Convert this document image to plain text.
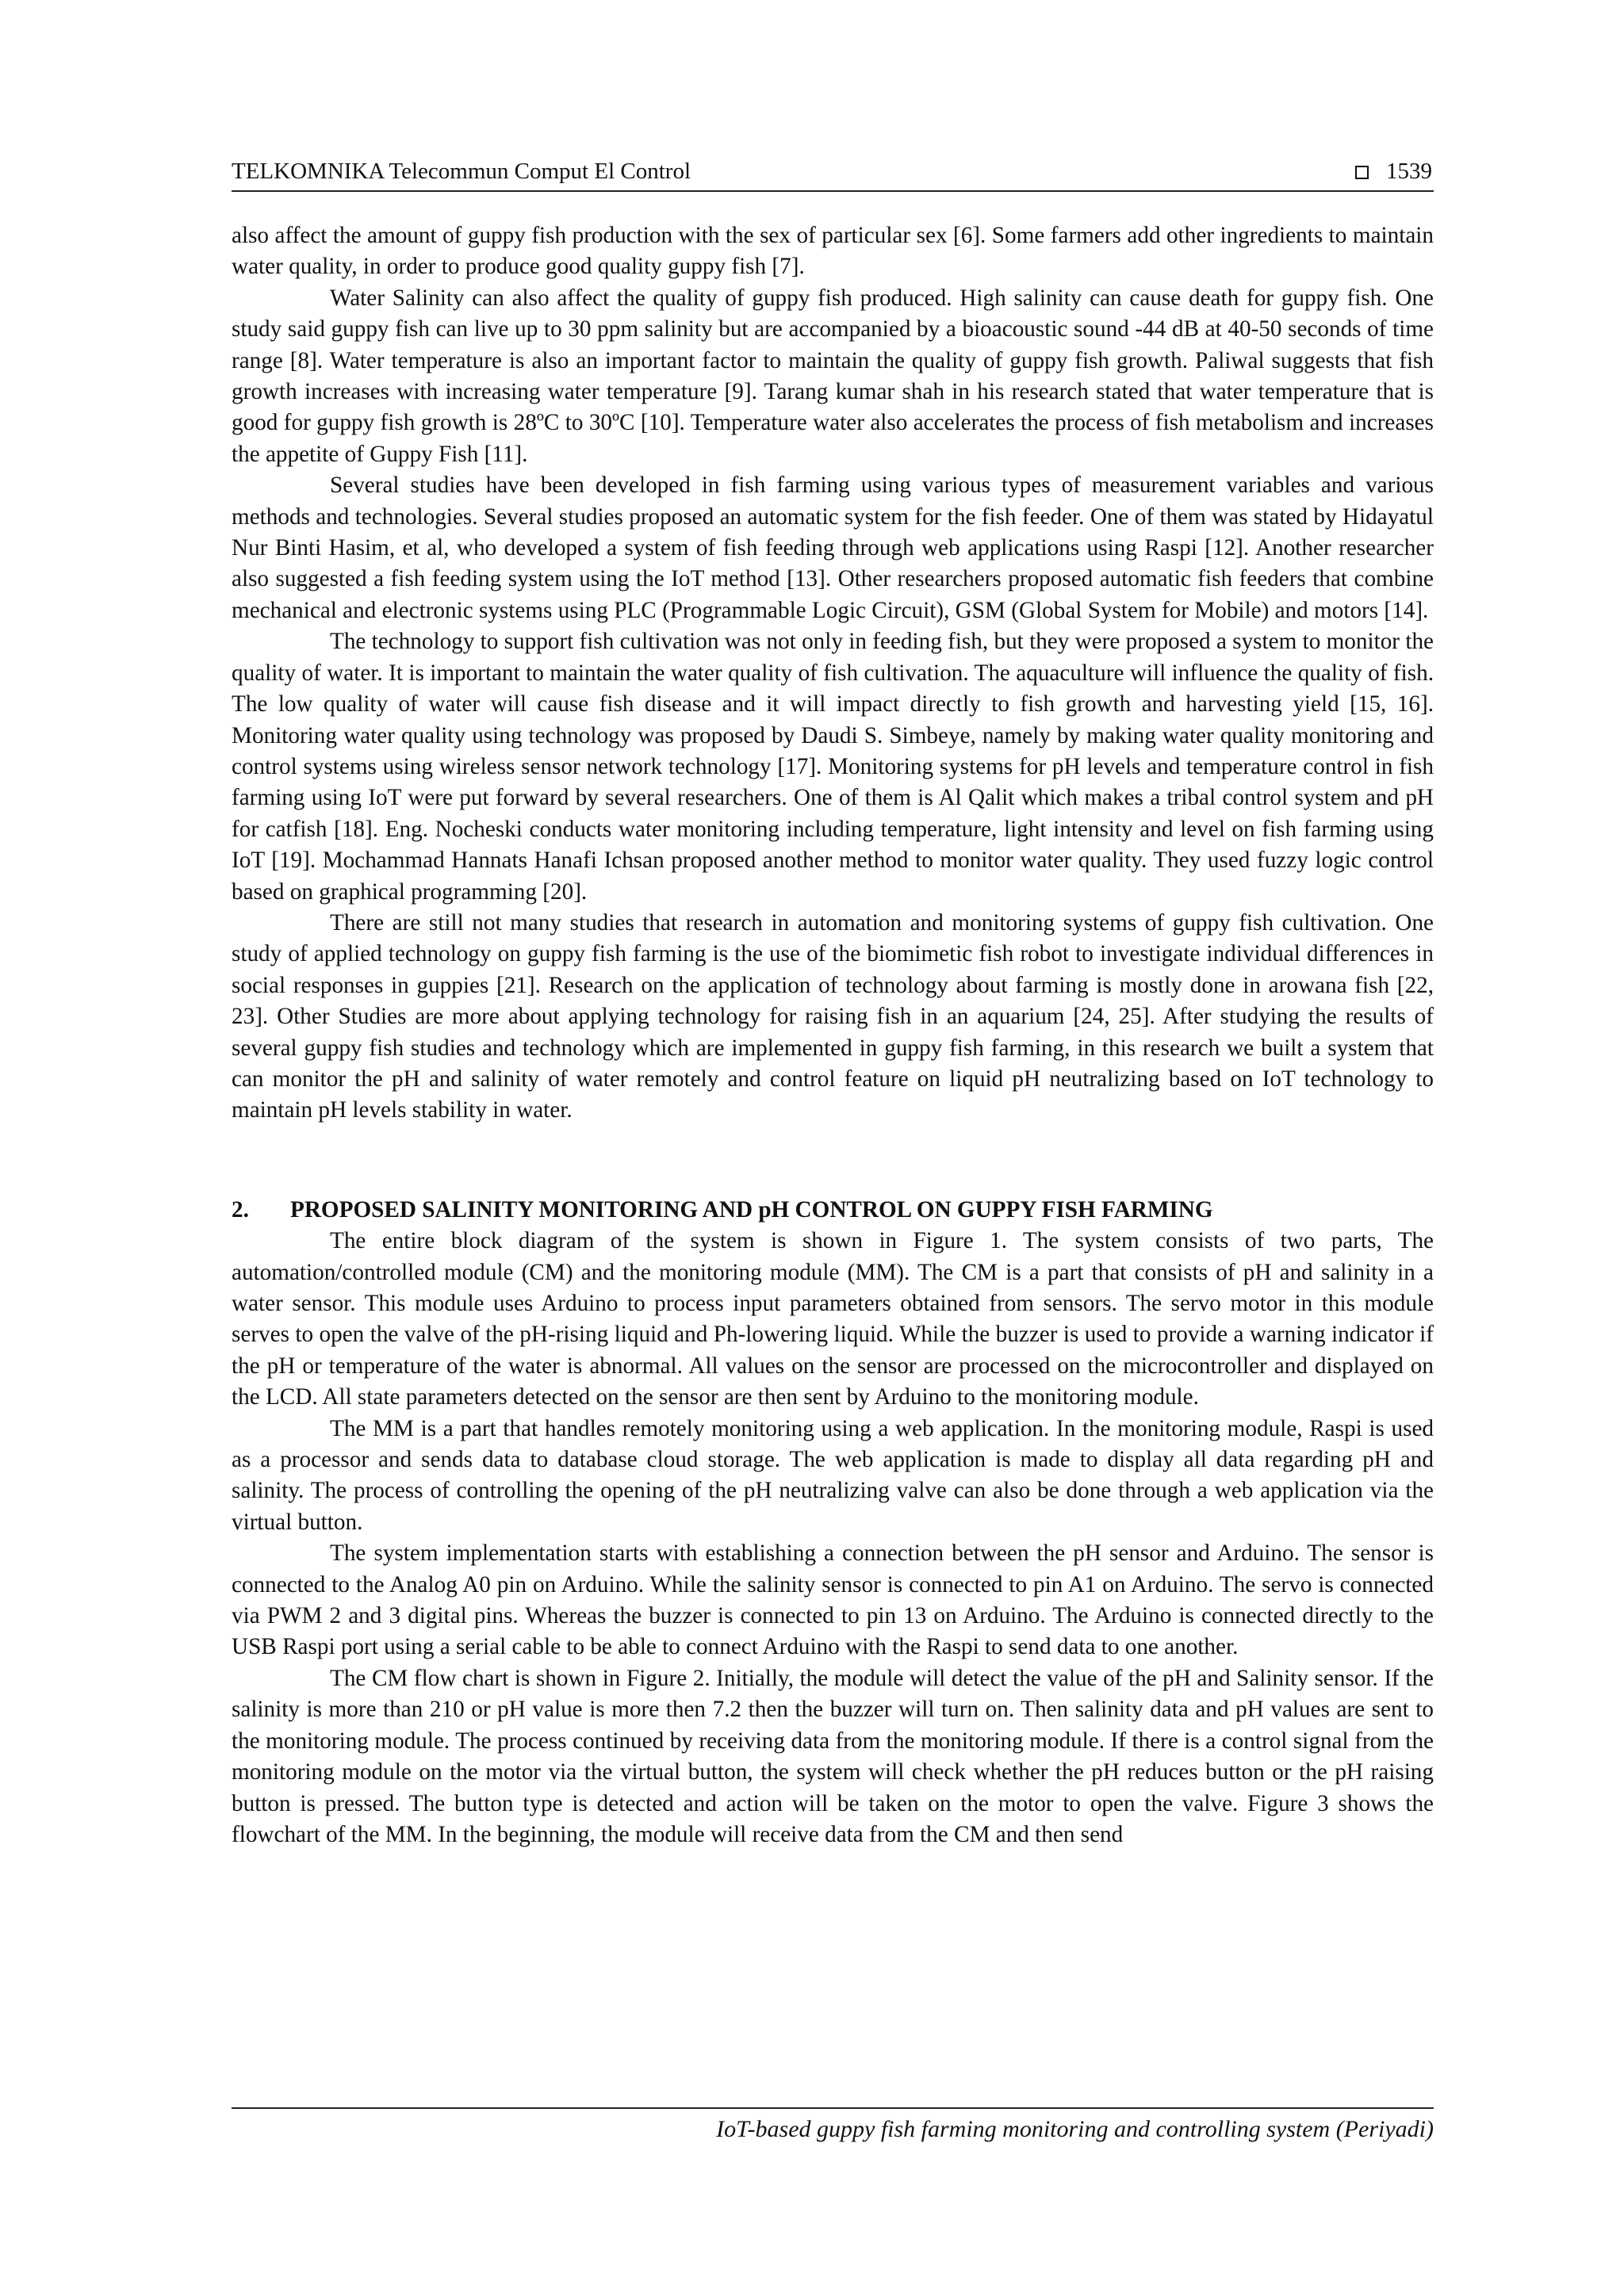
TELKOMNIKA Telecommun Comput El Control	1539

also affect the amount of guppy fish production with the sex of particular sex [6]. Some farmers add other ingredients to maintain water quality, in order to produce good quality guppy fish [7].

Water Salinity can also affect the quality of guppy fish produced. High salinity can cause death for guppy fish. One study said guppy fish can live up to 30 ppm salinity but are accompanied by a bioacoustic sound -44 dB at 40-50 seconds of time range [8]. Water temperature is also an important factor to maintain the quality of guppy fish growth. Paliwal suggests that fish growth increases with increasing water temperature [9]. Tarang kumar shah in his research stated that water temperature that is good for guppy fish growth is 28ºC to 30ºC [10]. Temperature water also accelerates the process of fish metabolism and increases the appetite of Guppy Fish [11].

Several studies have been developed in fish farming using various types of measurement variables and various methods and technologies. Several studies proposed an automatic system for the fish feeder. One of them was stated by Hidayatul Nur Binti Hasim, et al, who developed a system of fish feeding through web applications using Raspi [12]. Another researcher also suggested a fish feeding system using the IoT method [13]. Other researchers proposed automatic fish feeders that combine mechanical and electronic systems using PLC (Programmable Logic Circuit), GSM (Global System for Mobile) and motors [14].

The technology to support fish cultivation was not only in feeding fish, but they were proposed a system to monitor the quality of water. It is important to maintain the water quality of fish cultivation. The aquaculture will influence the quality of fish. The low quality of water will cause fish disease and it will impact directly to fish growth and harvesting yield [15, 16]. Monitoring water quality using technology was proposed by Daudi S. Simbeye, namely by making water quality monitoring and control systems using wireless sensor network technology [17]. Monitoring systems for pH levels and temperature control in fish farming using IoT were put forward by several researchers. One of them is Al Qalit which makes a tribal control system and pH for catfish [18]. Eng. Nocheski conducts water monitoring including temperature, light intensity and level on fish farming using IoT [19]. Mochammad Hannats Hanafi Ichsan proposed another method to monitor water quality. They used fuzzy logic control based on graphical programming [20].

There are still not many studies that research in automation and monitoring systems of guppy fish cultivation. One study of applied technology on guppy fish farming is the use of the biomimetic fish robot to investigate individual differences in social responses in guppies [21]. Research on the application of technology about farming is mostly done in arowana fish [22, 23]. Other Studies are more about applying technology for raising fish in an aquarium [24, 25]. After studying the results of several guppy fish studies and technology which are implemented in guppy fish farming, in this research we built a system that can monitor the pH and salinity of water remotely and control feature on liquid pH neutralizing based on IoT technology to maintain pH levels stability in water.

2. PROPOSED SALINITY MONITORING AND pH CONTROL ON GUPPY FISH FARMING

The entire block diagram of the system is shown in Figure 1. The system consists of two parts, The automation/controlled module (CM) and the monitoring module (MM). The CM is a part that consists of pH and salinity in a water sensor. This module uses Arduino to process input parameters obtained from sensors. The servo motor in this module serves to open the valve of the pH-rising liquid and Ph-lowering liquid. While the buzzer is used to provide a warning indicator if the pH or temperature of the water is abnormal. All values on the sensor are processed on the microcontroller and displayed on the LCD. All state parameters detected on the sensor are then sent by Arduino to the monitoring module.

The MM is a part that handles remotely monitoring using a web application. In the monitoring module, Raspi is used as a processor and sends data to database cloud storage. The web application is made to display all data regarding pH and salinity. The process of controlling the opening of the pH neutralizing valve can also be done through a web application via the virtual button.

The system implementation starts with establishing a connection between the pH sensor and Arduino. The sensor is connected to the Analog A0 pin on Arduino. While the salinity sensor is connected to pin A1 on Arduino. The servo is connected via PWM 2 and 3 digital pins. Whereas the buzzer is connected to pin 13 on Arduino. The Arduino is connected directly to the USB Raspi port using a serial cable to be able to connect Arduino with the Raspi to send data to one another.

The CM flow chart is shown in Figure 2. Initially, the module will detect the value of the pH and Salinity sensor. If the salinity is more than 210 or pH value is more then 7.2 then the buzzer will turn on. Then salinity data and pH values are sent to the monitoring module. The process continued by receiving data from the monitoring module. If there is a control signal from the monitoring module on the motor via the virtual button, the system will check whether the pH reduces button or the pH raising button is pressed. The button type is detected and action will be taken on the motor to open the valve. Figure 3 shows the flowchart of the MM. In the beginning, the module will receive data from the CM and then send

IoT-based guppy fish farming monitoring and controlling system (Periyadi)
